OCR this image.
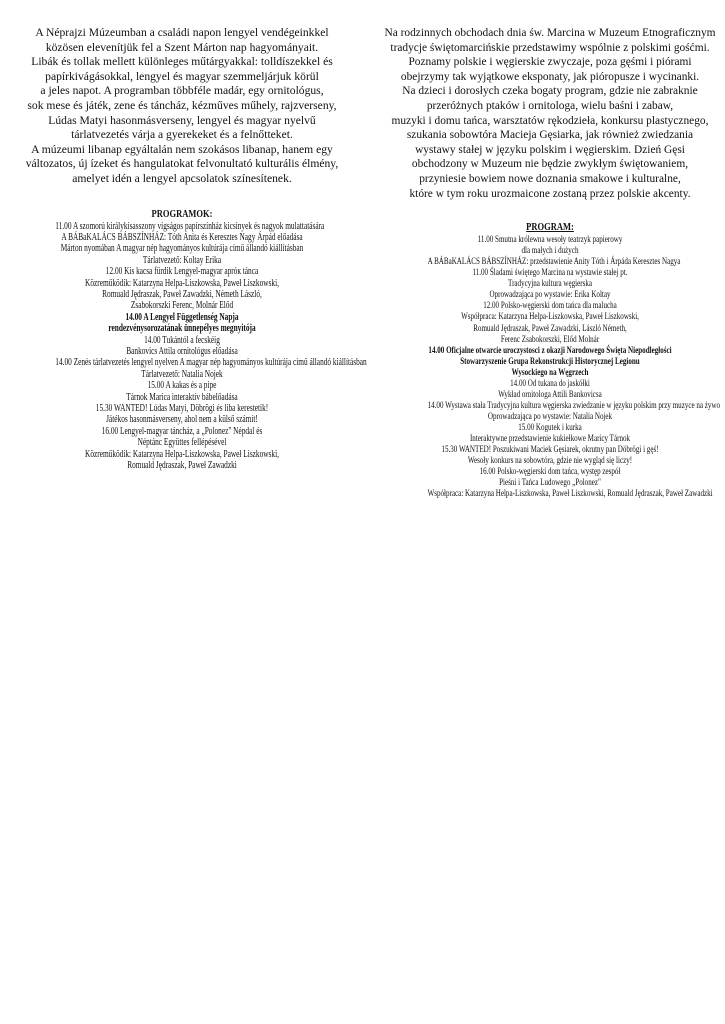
A Néprajzi Múzeumban a családi napon lengyel vendégeinkkel
közösen elevenítjük fel a Szent Márton nap hagyományait.
Libák és tollak mellett különleges műtárgyakkal: tolldíszekkel és
papírkivágásokkal, lengyel és magyar szemmeljárjuk körül
a jeles napot. A programban többféle madár, egy ornitológus,
sok mese és játék, zene és táncház, kézműves műhely, rajzverseny,
Lúdas Matyi hasonmásverseny, lengyel és magyar nyelvű
tárlatvezetés várja a gyerekeket és a felnőtteket.
A múzeumi libanap egyáltalán nem szokásos libanap, hanem egy
változatos, új ízeket és hangulatokat felvonultató kulturális élmény,
amelyet idén a lengyel apcsolatok színesítenek.
PROGRAMOK:
11.00 A szomorú királykisasszony vígságos papírszínház kicsinyek és nagyok mulattatására
A BÁBaKALÁCS BÁBSZÍNHÁZ: Tóth Anita és Keresztes Nagy Árpád előadása
Márton nyomában A magyar nép hagyományos kultúrája című állandó kiállításban
Tárlatvezető: Koltay Erika
12.00 Kis kacsa fürdik Lengyel-magyar apróк tánca
Közreműködik: Katarzyna Helpa-Liszkowska, Paweł Liszkowski,
Romuald Jędraszak, Paweł Zawadzki, Németh László,
Zsabokorszki Ferenc, Molnár Előd
14.00 A Lengyel Függetlenség Napja
rendezvénysorozatának ünnepélyes megnyitója
14.00 Tukántól a fecskéig
Bankovics Attila ornitológus előadása
14.00 Zenés tárlatvezetés lengyel nyelven A magyar nép hagyományos kultúrája című állandó kiállításban
Tárlatvezető: Natalia Nojek
15.00 A kakas és a pipe
Tárnok Marica interaktív bábelőadása
15.30 WANTED! Lúdas Matyi, Döbrögi és liba kerestetik!
Játékos hasonmásverseny, ahol nem a külső számít!
16.00 Lengyel-magyar táncház, a „Polonez" Népdal és
Néptánc Együttes fellépésével
Közreműködik: Katarzyna Helpa-Liszkowska, Paweł Liszkowski,
Romuald Jędraszak, Paweł Zawadzki
Na rodzinnych obchodach dnia św. Marcina w Muzeum Etnograficznym
tradycje świętomarcińskie przedstawimy wspólnie z polskimi gośćmi.
Poznamy polskie i węgierskie zwyczaje, poza gęśmi i piórami
obejrzymy tak wyjątkowe eksponaty, jak pióropusze i wycinanki.
Na dzieci i dorosłych czeka bogaty program, gdzie nie zabraknie
przeróżnych ptaków i ornitologa, wielu baśni i zabaw,
muzyki i domu tańca, warsztatów rękodzieła, konkursu plastycznego,
szukania sobowtóra Macieja Gęsiarka, jak również zwiedzania
wystawy stałej w języku polskim i węgierskim. Dzień Gęsi
obchodzony w Muzeum nie będzie zwykłym świętowaniem,
przyniesie bowiem nowe doznania smakowe i kulturalne,
które w tym roku urozmaicone zostaną przez polskie akcenty.
PROGRAM:
11.00 Smutna królewna wesoły teatrzyk papierowy
dla małych i dużych
A BÁBaKALÁCS BÁBSZÍNHÁZ: przedstawienie Anity Tóth i Árpáda Keresztes Nagya
11.00 Śladami świętego Marcina na wystawie stałej pt.
Tradycyjna kultura węgierska
Oprowadzająca po wystawie: Erika Koltay
12.00 Polsko-węgierski dom tańca dla malucha
Współpraca: Katarzyna Helpa-Liszkowska, Paweł Liszkowski,
Romuald Jędraszak, Paweł Zawadzki, László Németh,
Ferenc Zsabokorszki, Előd Molnár
14.00 Oficjalne otwarcie uroczystosci z okazji Narodowego Święta Niepodległości
Stowarzyszenie Grupa Rekonstrukcji Historycznej Legionu
Wysockiego na Węgrzech
14.00 Od tukana do jaskółki
Wykład ornitologa Attili Bankovicsa
14.00 Wystawa stała Tradycyjna kultura węgierska zwiedzanie w języku polskim przy muzyce na żywo
Oprowadzająca po wystawie: Natalia Nojek
15.00 Kogutek i kurka
Interaktywne przedstawienie kukiełkowe Maricy Tárnok
15.30 WANTED! Poszukiwani Maciek Gęsiarek, okrutny pan Döbrögi i gęś!
Wesoły konkurs na sobowtóra, gdzie nie wygląd się liczy!
16.00 Polsko-węgierski dom tańca, występ zespół
Pieśni i Tańca Ludowego „Polonez"
Współpraca: Katarzyna Helpa-Liszkowska, Paweł Liszkowski, Romuald Jędraszak, Paweł Zawadzki
